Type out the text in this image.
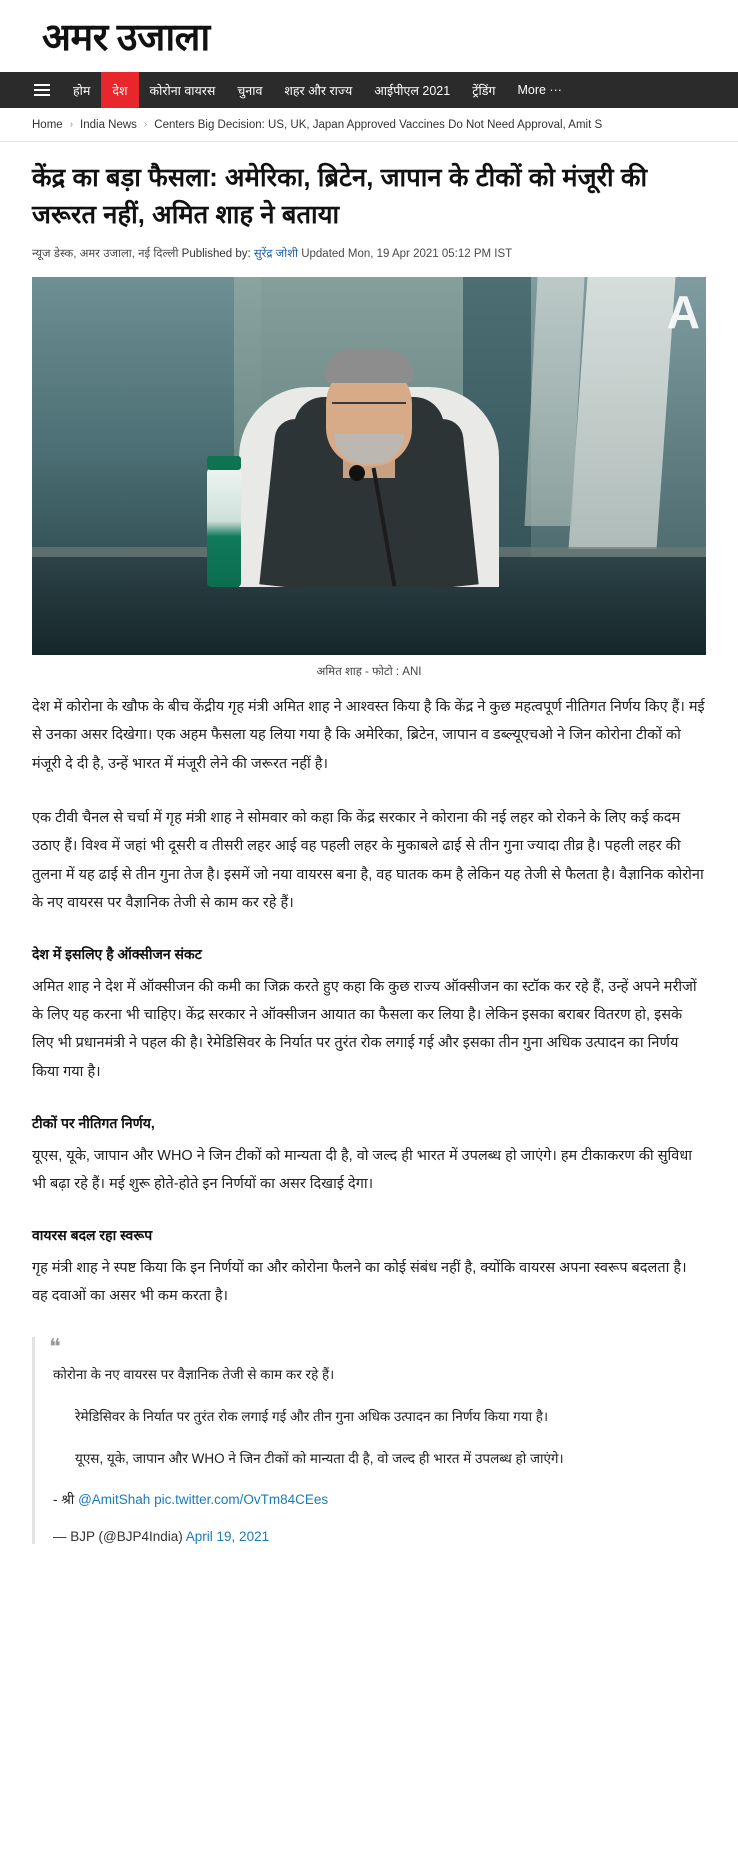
अमर उजाला
होम	देश	कोरोना वायरस	चुनाव	शहर और राज्य	आईपीएल 2021	ट्रेंडिंग	More ···
Home › India News › Centers Big Decision: US, UK, Japan Approved Vaccines Do Not Need Approval, Amit S
केंद्र का बड़ा फैसला: अमेरिका, ब्रिटेन, जापान के टीकों को मंजूरी की जरूरत नहीं, अमित शाह ने बताया
न्यूज डेस्क, अमर उजाला, नई दिल्ली Published by: सुरेंद्र जोशी Updated Mon, 19 Apr 2021 05:12 PM IST
A
अमित शाह - फोटो : ANI

देश में कोरोना के खौफ के बीच केंद्रीय गृह मंत्री अमित शाह ने आश्वस्त किया है कि केंद्र ने कुछ महत्वपूर्ण नीतिगत निर्णय किए हैं। मई से उनका असर दिखेगा। एक अहम फैसला यह लिया गया है कि अमेरिका, ब्रिटेन, जापान व डब्ल्यूएचओ ने जिन कोरोना टीकों को मंजूरी दे दी है, उन्हें भारत में मंजूरी लेने की जरूरत नहीं है।

एक टीवी चैनल से चर्चा में गृह मंत्री शाह ने सोमवार को कहा कि केंद्र सरकार ने कोराना की नई लहर को रोकने के लिए कई कदम उठाए हैं। विश्व में जहां भी दूसरी व तीसरी लहर आई वह पहली लहर के मुकाबले ढाई से तीन गुना ज्यादा तीव्र है। पहली लहर की तुलना में यह ढाई से तीन गुना तेज है। इसमें जो नया वायरस बना है, वह घातक कम है लेकिन यह तेजी से फैलता है। वैज्ञानिक कोरोना के नए वायरस पर वैज्ञानिक तेजी से काम कर रहे हैं।

देश में इसलिए है ऑक्सीजन संकट

अमित शाह ने देश में ऑक्सीजन की कमी का जिक्र करते हुए कहा कि कुछ राज्य ऑक्सीजन का स्टॉक कर रहे हैं, उन्हें अपने मरीजों के लिए यह करना भी चाहिए। केंद्र सरकार ने ऑक्सीजन आयात का फैसला कर लिया है। लेकिन इसका बराबर वितरण हो, इसके लिए भी प्रधानमंत्री ने पहल की है। रेमेडिसिवर के निर्यात पर तुरंत रोक लगाई गई और इसका तीन गुना अधिक उत्पादन का निर्णय किया गया है।

टीकों पर नीतिगत निर्णय,

यूएस, यूके, जापान और WHO ने जिन टीकों को मान्यता दी है, वो जल्द ही भारत में उपलब्ध हो जाएंगे। हम टीकाकरण की सुविधा भी बढ़ा रहे हैं। मई शुरू होते-होते इन निर्णयों का असर दिखाई देगा।

वायरस बदल रहा स्वरूप

गृह मंत्री शाह ने स्पष्ट किया कि इन निर्णयों का और कोरोना फैलने का कोई संबंध नहीं है, क्योंकि वायरस अपना स्वरूप बदलता है। वह दवाओं का असर भी कम करता है।

❝

कोरोना के नए वायरस पर वैज्ञानिक तेजी से काम कर रहे हैं।

रेमेडिसिवर के निर्यात पर तुरंत रोक लगाई गई और तीन गुना अधिक उत्पादन का निर्णय किया गया है।

यूएस, यूके, जापान और WHO ने जिन टीकों को मान्यता दी है, वो जल्द ही भारत में उपलब्ध हो जाएंगे।

- श्री @AmitShah pic.twitter.com/OvTm84CEes

— BJP (@BJP4India) April 19, 2021
